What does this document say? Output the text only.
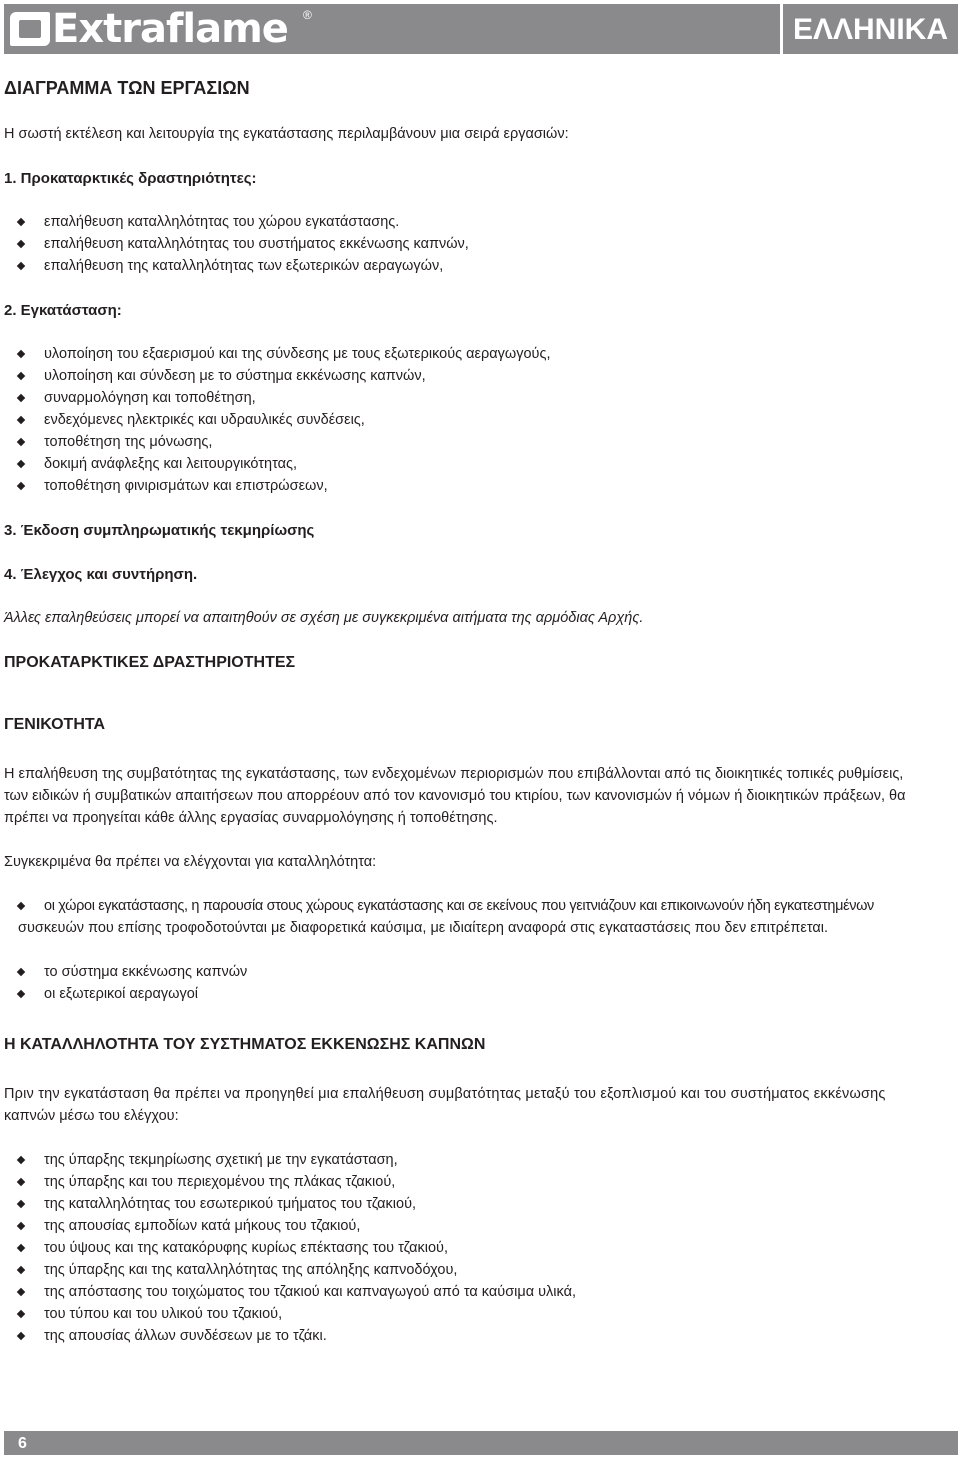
Extraflame ®	ΕΛΛΗΝΙΚΑ

ΔΙΑΓΡΑΜΜΑ ΤΩΝ ΕΡΓΑΣΙΩΝ

Η σωστή εκτέλεση και λειτουργία της εγκατάστασης περιλαμβάνουν μια σειρά εργασιών:

1. Προκαταρκτικές δραστηριότητες:

επαλήθευση καταλληλότητας του χώρου εγκατάστασης.
επαλήθευση καταλληλότητας του συστήματος εκκένωσης καπνών,
επαλήθευση της καταλληλότητας των εξωτερικών αεραγωγών,

2. Εγκατάσταση:

υλοποίηση του εξαερισμού και της σύνδεσης με τους εξωτερικούς αεραγωγούς,
υλοποίηση και σύνδεση με το σύστημα εκκένωσης καπνών,
συναρμολόγηση και τοποθέτηση,
ενδεχόμενες ηλεκτρικές και υδραυλικές συνδέσεις,
τοποθέτηση της μόνωσης,
δοκιμή ανάφλεξης και λειτουργικότητας,
τοποθέτηση φινιρισμάτων και επιστρώσεων,

3. Έκδοση συμπληρωματικής τεκμηρίωσης

4. Έλεγχος και συντήρηση.

Άλλες επαληθεύσεις μπορεί να απαιτηθούν σε σχέση με συγκεκριμένα αιτήματα της αρμόδιας Αρχής.

ΠΡΟΚΑΤΑΡΚΤΙΚΕΣ ΔΡΑΣΤΗΡΙΟΤΗΤΕΣ

ΓΕΝΙΚΟΤΗΤΑ

Η επαλήθευση της συμβατότητας της εγκατάστασης, των ενδεχομένων περιορισμών που επιβάλλονται από τις διοικητικές τοπικές ρυθμίσεις,

των ειδικών ή συμβατικών απαιτήσεων που απορρέουν από τον κανονισμό του κτιρίου, των κανονισμών ή νόμων ή διοικητικών πράξεων, θα

πρέπει να προηγείται κάθε άλλης εργασίας συναρμολόγησης ή τοποθέτησης.

Συγκεκριμένα θα πρέπει να ελέγχονται για καταλληλότητα:

οι χώροι εγκατάστασης, η παρουσία στους χώρους εγκατάστασης και σε εκείνους που γειτνιάζουν και επικοινωνούν ήδη εγκατεστημένων

συσκευών που επίσης τροφοδοτούνται με διαφορετικά καύσιμα, με ιδιαίτερη αναφορά στις εγκαταστάσεις που δεν επιτρέπεται.

το σύστημα εκκένωσης καπνών
οι εξωτερικοί αεραγωγοί

Η ΚΑΤΑΛΛΗΛΟΤΗΤΑ ΤΟΥ ΣΥΣΤΗΜΑΤΟΣ ΕΚΚΕΝΩΣΗΣ ΚΑΠΝΩΝ

Πριν την εγκατάσταση θα πρέπει να προηγηθεί μια επαλήθευση συμβατότητας μεταξύ του εξοπλισμού και του συστήματος εκκένωσης

καπνών μέσω του ελέγχου:

της ύπαρξης τεκμηρίωσης σχετική με την εγκατάσταση,
της ύπαρξης και του περιεχομένου της πλάκας τζακιού,
της καταλληλότητας του εσωτερικού τμήματος του τζακιού,
της απουσίας εμποδίων κατά μήκους του τζακιού,
του ύψους και της κατακόρυφης κυρίως επέκτασης του τζακιού,
της ύπαρξης και της καταλληλότητας της απόληξης καπνοδόχου,
της απόστασης του τοιχώματος του τζακιού και καπναγωγού από τα καύσιμα υλικά,
του τύπου και του υλικού του τζακιού,
της απουσίας άλλων συνδέσεων με το τζάκι.
6
